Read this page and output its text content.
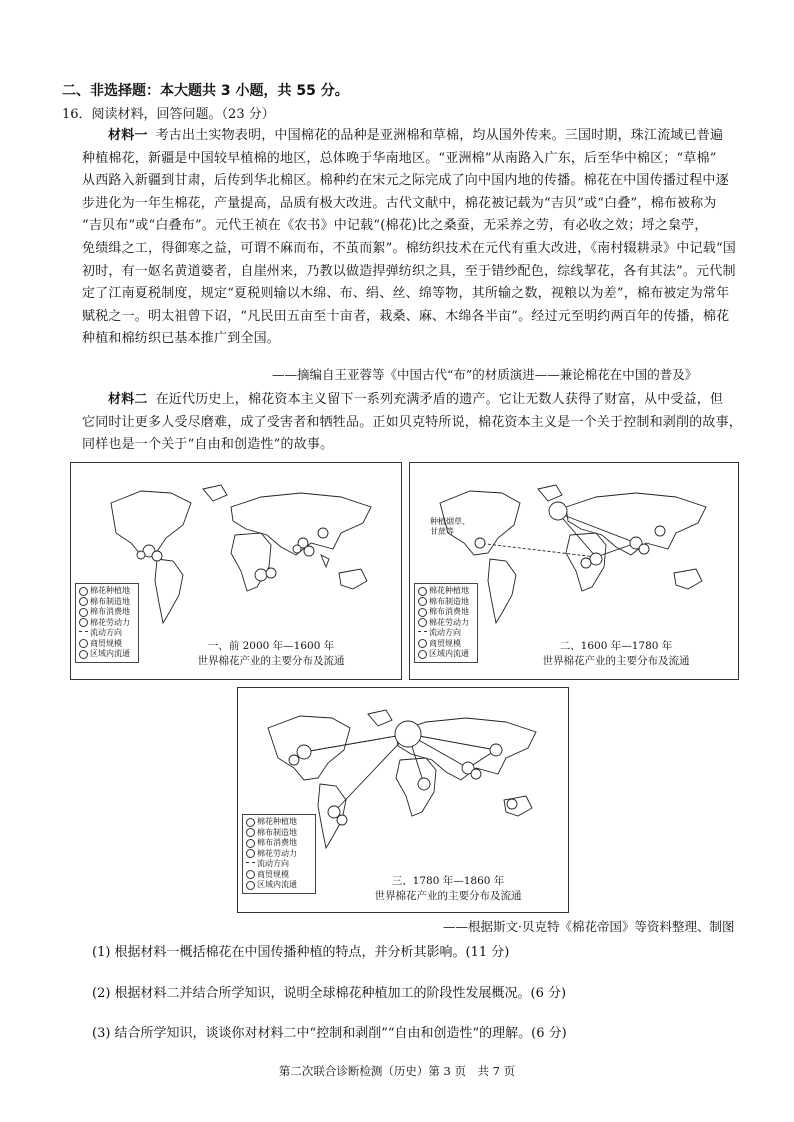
二、非选择题：本大题共 3 小题，共 55 分。
16．阅读材料，回答问题。（23 分）
材料一 考古出土实物表明，中国棉花的品种是亚洲棉和草棉，均从国外传来。三国时期，珠江流域已普遍
种植棉花，新疆是中国较早植棉的地区，总体晚于华南地区。“亚洲棉”从南路入广东，后至华中棉区；“草棉”
从西路入新疆到甘肃，后传到华北棉区。棉种约在宋元之际完成了向中国内地的传播。棉花在中国传播过程中逐
步进化为一年生棉花，产量提高，品质有极大改进。古代文献中，棉花被记载为“吉贝”或“白叠”，棉布被称为
“吉贝布”或“白叠布”。元代王祯在《农书》中记载“(棉花)比之桑蚕，无采养之劳，有必收之效；埒之枲苧，
免绩缉之工，得御寒之益，可谓不麻而布，不茧而絮”。棉纺织技术在元代有重大改进，《南村辍耕录》中记载“国
初时，有一妪名黄道婆者，自崖州来，乃教以做造捍弹纺织之具，至于错纱配色，综线挈花，各有其法”。元代制
定了江南夏税制度，规定“夏税则输以木绵、布、绢、丝、绵等物，其所输之数，视粮以为差”，棉布被定为常年
赋税之一。明太祖曾下诏，“凡民田五亩至十亩者，栽桑、麻、木绵各半亩”。经过元至明约两百年的传播，棉花
种植和棉纺织已基本推广到全国。
——摘编自王亚蓉等《中国古代“布”的材质演进——兼论棉花在中国的普及》
材料二 在近代历史上，棉花资本主义留下一系列充满矛盾的遗产。它让无数人获得了财富，从中受益，但
它同时让更多人受尽磨难，成了受害者和牺牲品。正如贝克特所说，棉花资本主义是一个关于控制和剥削的故事，
同样也是一个关于“自由和创造性”的故事。
棉花种植地
棉布制造地
棉布消费地
棉花劳动力
流动方向
商贸规模
区域内流通
一、前 2000 年—1600 年
世界棉花产业的主要分布及流通
种植烟草、
甘蔗等
棉花种植地
棉布制造地
棉布消费地
棉花劳动力
流动方向
商贸规模
区域内流通
二、1600 年—1780 年
世界棉花产业的主要分布及流通
棉花种植地
棉布制造地
棉布消费地
棉花劳动力
流动方向
商贸规模
区域内流通	三、1780 年—1860 年
世界棉花产业的主要分布及流通
——根据斯文·贝克特《棉花帝国》等资料整理、制图
(1) 根据材料一概括棉花在中国传播种植的特点，并分析其影响。(11 分)
(2) 根据材料二并结合所学知识，说明全球棉花种植加工的阶段性发展概况。(6 分)
(3) 结合所学知识，谈谈你对材料二中“控制和剥削”“自由和创造性”的理解。(6 分)
第二次联合诊断检测（历史）第 3 页　共 7 页
